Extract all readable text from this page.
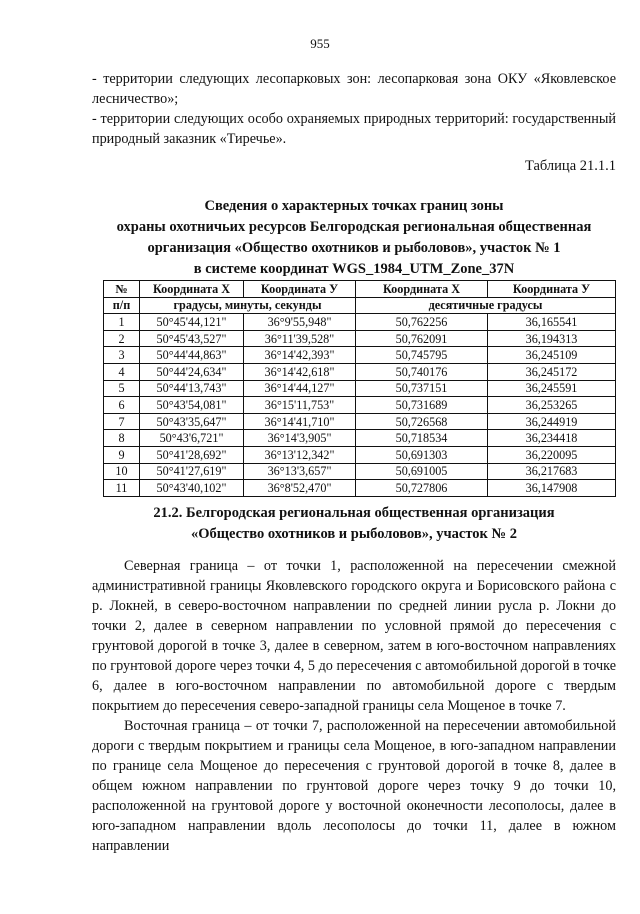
955

- территории следующих лесопарковых зон: лесопарковая зона ОКУ «Яковлевское лесничество»;

- территории следующих особо охраняемых природных территорий: государственный природный заказник «Тиречье».

Таблица 21.1.1
Сведения о характерных точках границ зоны
охраны охотничьих ресурсов Белгородская региональная общественная
организация «Общество охотников и рыболовов», участок № 1
в системе координат WGS_1984_UTM_Zone_37N
№	Координата X	Координата У	Координата X	Координата У
п/п	градусы, минуты, секунды		десятичные градусы	
1	50°45'44,121"	36°9'55,948"	50,762256	36,165541
2	50°45'43,527"	36°11'39,528"	50,762091	36,194313
3	50°44'44,863"	36°14'42,393"	50,745795	36,245109
4	50°44'24,634"	36°14'42,618"	50,740176	36,245172
5	50°44'13,743"	36°14'44,127"	50,737151	36,245591
6	50°43'54,081"	36°15'11,753"	50,731689	36,253265
7	50°43'35,647"	36°14'41,710"	50,726568	36,244919
8	50°43'6,721"	36°14'3,905"	50,718534	36,234418
9	50°41'28,692"	36°13'12,342"	50,691303	36,220095
10	50°41'27,619"	36°13'3,657"	50,691005	36,217683
11	50°43'40,102"	36°8'52,470"	50,727806	36,147908
21.2. Белгородская региональная общественная организация
«Общество охотников и рыболовов», участок № 2

Северная граница – от точки 1, расположенной на пересечении смежной административной границы Яковлевского городского округа и Борисовского района с р. Локней, в северо-восточном направлении по средней линии русла р. Локни до точки 2, далее в северном направлении по условной прямой до пересечения с грунтовой дорогой в точке 3, далее в северном, затем в юго-восточном направлениях по грунтовой дороге через точки 4, 5 до пересечения с автомобильной дорогой в точке 6, далее в юго-восточном направлении по автомобильной дороге с твердым покрытием до пересечения северо-западной границы села Мощеное в точке 7.

Восточная граница – от точки 7, расположенной на пересечении автомобильной дороги с твердым покрытием и границы села Мощеное, в юго-западном направлении по границе села Мощеное до пересечения с грунтовой дорогой в точке 8, далее в общем южном направлении по грунтовой дороге через точку 9 до точки 10, расположенной на грунтовой дороге у восточной оконечности лесополосы, далее в юго-западном направлении вдоль лесополосы до точки 11, далее в южном направлении
